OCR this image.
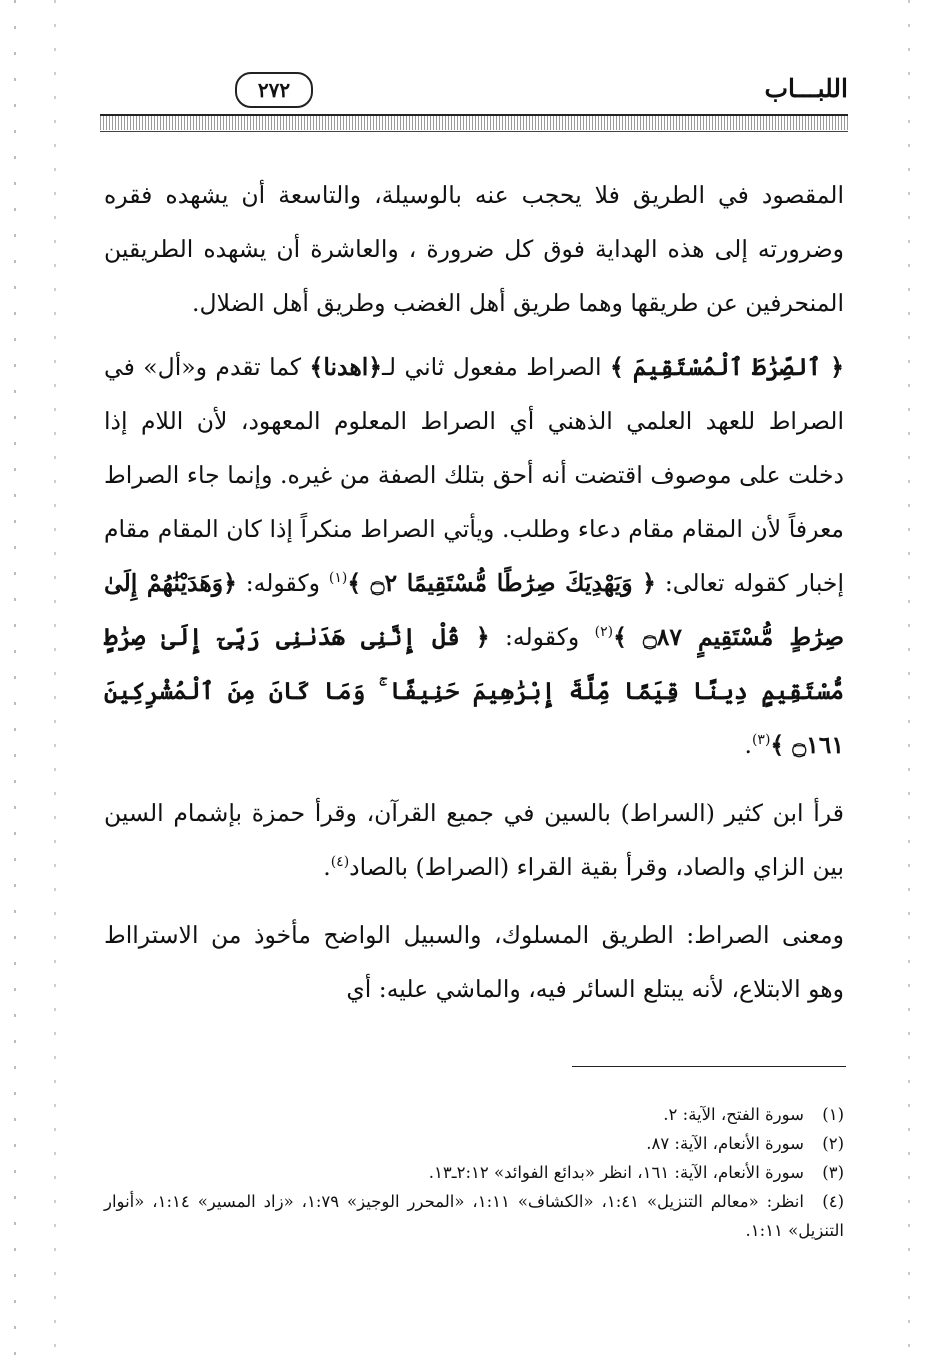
اللبـــاب
٢٧٢

المقصود في الطريق فلا يحجب عنه بالوسيلة، والتاسعة أن يشهده فقره وضرورته إلى هذه الهداية فوق كل ضرورة ، والعاشرة أن يشهده الطريقين المنحرفين عن طريقها وهما طريق أهل الغضب وطريق أهل الضلال.

﴿ ٱلصِّرَٰطَ ٱلْمُسْتَقِيمَ ﴾ الصراط مفعول ثاني لـ﴿اهدنا﴾ كما تقدم و«أل» في الصراط للعهد العلمي الذهني أي الصراط المعلوم المعهود، لأن اللام إذا دخلت على موصوف اقتضت أنه أحق بتلك الصفة من غيره. وإنما جاء الصراط معرفاً لأن المقام مقام دعاء وطلب. ويأتي الصراط منكراً إذا كان المقام مقام إخبار كقوله تعالى: ﴿ وَيَهْدِيَكَ صِرَٰطًا مُّسْتَقِيمًا ۝٢ ﴾$^{(١)}$ وكقوله: ﴿وَهَدَيْنَٰهُمْ إِلَىٰ صِرَٰطٍ مُّسْتَقِيمٍ ۝٨٧ ﴾$^{(٢)}$ وكقوله: ﴿ قُلْ إِنَّنِى هَدَىٰنِى رَبِّىٓ إِلَىٰ صِرَٰطٍ مُّسْتَقِيمٍ دِينًا قِيَمًا مِّلَّةَ إِبْرَٰهِيمَ حَنِيفًا ۚ وَمَا كَانَ مِنَ ٱلْمُشْرِكِينَ ۝١٦١ ﴾$^{(٣)}$.

قرأ ابن كثير (السراط) بالسين في جميع القرآن، وقرأ حمزة بإشمام السين بين الزاي والصاد، وقرأ بقية القراء (الصراط) بالصاد$^{(٤)}$.

ومعنى الصراط: الطريق المسلوك، والسبيل الواضح مأخوذ من الاسترااط وهو الابتلاع، لأنه يبتلع السائر فيه، والماشي عليه: أي

(١)سورة الفتح، الآية: ٢.

(٢)سورة الأنعام، الآية: ٨٧.

(٣)سورة الأنعام، الآية: ١٦١، انظر «بدائع الفوائد» ٢:١٢ـ١٣.

(٤)انظر: «معالم التنزيل» ١:٤١، «الكشاف» ١:١١، «المحرر الوجيز» ١:٧٩، «زاد المسير» ١:١٤، «أنوار التنزيل» ١:١١.
